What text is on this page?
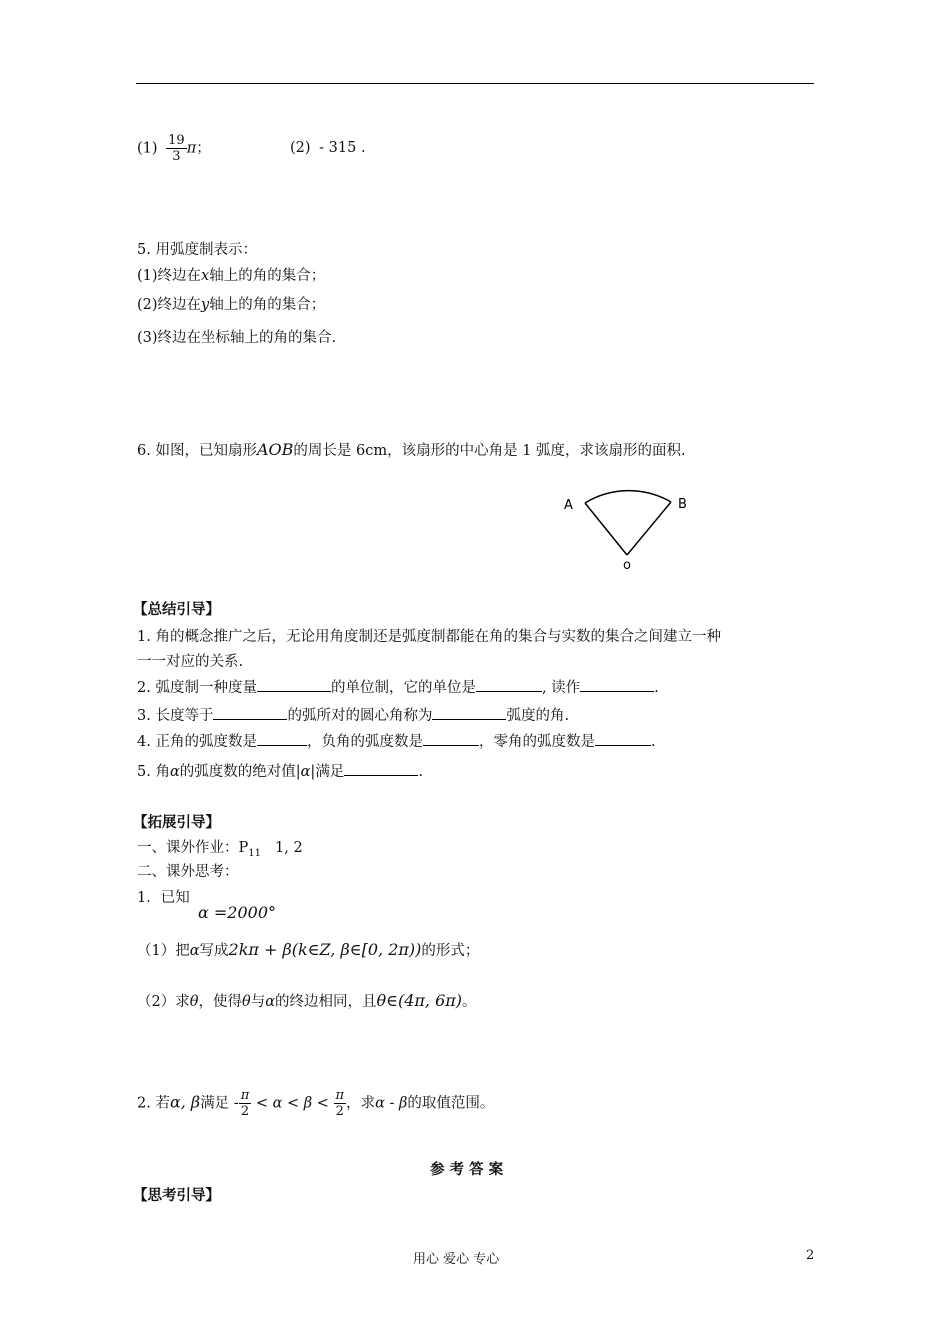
$(1) \frac{19}{3}$ π；	(2) - 315 .
5. 用弧度制表示：
(1)终边在x轴上的角的集合；
(2)终边在y轴上的角的集合；
(3)终边在坐标轴上的角的集合.
6. 如图，已知扇形AOB的周长是 6cm，该扇形的中心角是 1 弧度，求该扇形的面积.
A	B
o
【总结引导】
1. 角的概念推广之后，无论用角度制还是弧度制都能在角的集合与实数的集合之间建立一种
一一对应的关系.
2. 弧度制一种度量	的单位制，它的单位是	, 读作	.
3. 长度等于	的弧所对的圆心角称为	弧度的角.
4. 正角的弧度数是	，负角的弧度数是	，零角的弧度数是	.
5. 角α的弧度数的绝对值|α|满足	.
【拓展引导】
一、课外作业：$P_{11}$ 1, 2
二、课外思考：
1．已知
α =2000°
（1）把α写成2kπ + β(k∈Z, β∈[0, 2π))的形式；
（2）求θ，使得θ与α的终边相同，且θ∈(4π, 6π)。
2. 若α, β满足 - $\frac{\pi}{2} < \alpha < \beta < \frac{\pi}{2}$ ，求α - β的取值范围。
参 考 答 案
【思考引导】
用心 爱心 专心	2
